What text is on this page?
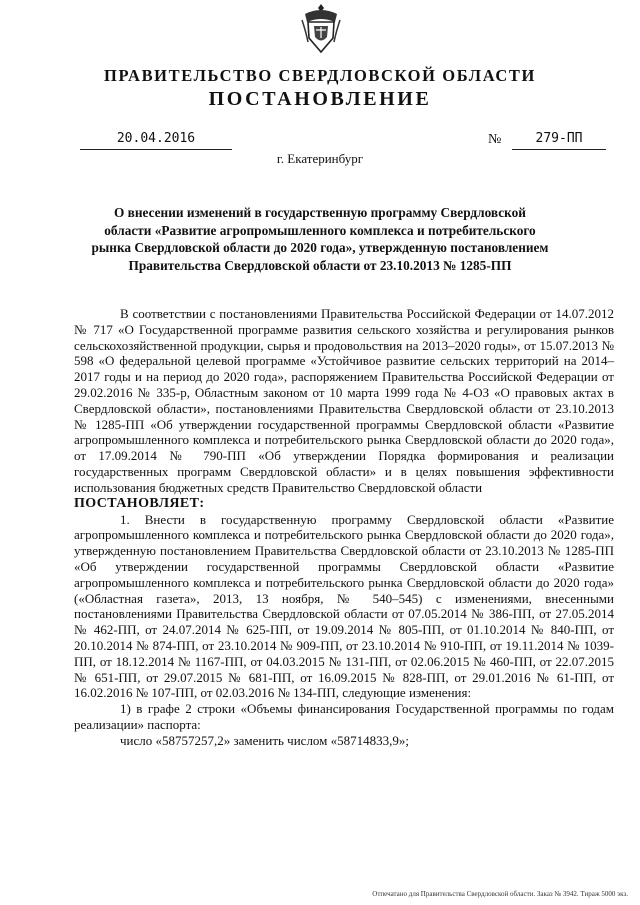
ПРАВИТЕЛЬСТВО СВЕРДЛОВСКОЙ ОБЛАСТИ
ПОСТАНОВЛЕНИЕ
20.04.2016	№	279-ПП
г. Екатеринбург
О внесении изменений в государственную программу Свердловской области «Развитие агропромышленного комплекса и потребительского рынка Свердловской области до 2020 года», утвержденную постановлением Правительства Свердловской области от 23.10.2013 № 1285-ПП

В соответствии с постановлениями Правительства Российской Федерации от 14.07.2012 № 717 «О Государственной программе развития сельского хозяйства и регулирования рынков сельскохозяйственной продукции, сырья и продовольствия на 2013–2020 годы», от 15.07.2013 № 598 «О федеральной целевой программе «Устойчивое развитие сельских территорий на 2014–2017 годы и на период до 2020 года», распоряжением Правительства Российской Федерации от 29.02.2016 № 335-р, Областным законом от 10 марта 1999 года № 4-ОЗ «О правовых актах в Свердловской области», постановлениями Правительства Свердловской области от 23.10.2013 № 1285-ПП «Об утверждении государственной программы Свердловской области «Развитие агропромышленного комплекса и потребительского рынка Свердловской области до 2020 года», от 17.09.2014 № 790-ПП «Об утверждении Порядка формирования и реализации государственных программ Свердловской области» и в целях повышения эффективности использования бюджетных средств Правительство Свердловской области

ПОСТАНОВЛЯЕТ:

1. Внести в государственную программу Свердловской области «Развитие агропромышленного комплекса и потребительского рынка Свердловской области до 2020 года», утвержденную постановлением Правительства Свердловской области от 23.10.2013 № 1285-ПП «Об утверждении государственной программы Свердловской области «Развитие агропромышленного комплекса и потребительского рынка Свердловской области до 2020 года» («Областная газета», 2013, 13 ноября, № 540–545) с изменениями, внесенными постановлениями Правительства Свердловской области от 07.05.2014 № 386-ПП, от 27.05.2014 № 462-ПП, от 24.07.2014 № 625-ПП, от 19.09.2014 № 805-ПП, от 01.10.2014 № 840-ПП, от 20.10.2014 № 874-ПП, от 23.10.2014 № 909-ПП, от 23.10.2014 № 910-ПП, от 19.11.2014 № 1039-ПП, от 18.12.2014 № 1167-ПП, от 04.03.2015 № 131-ПП, от 02.06.2015 № 460-ПП, от 22.07.2015 № 651-ПП, от 29.07.2015 № 681-ПП, от 16.09.2015 № 828-ПП, от 29.01.2016 № 61-ПП, от 16.02.2016 № 107-ПП, от 02.03.2016 № 134-ПП, следующие изменения:

1) в графе 2 строки «Объемы финансирования Государственной программы по годам реализации» паспорта:

число «58757257,2» заменить числом «58714833,9»;

Отпечатано для Правительства Свердловской области. Заказ № 3942. Тираж 5000 экз.
